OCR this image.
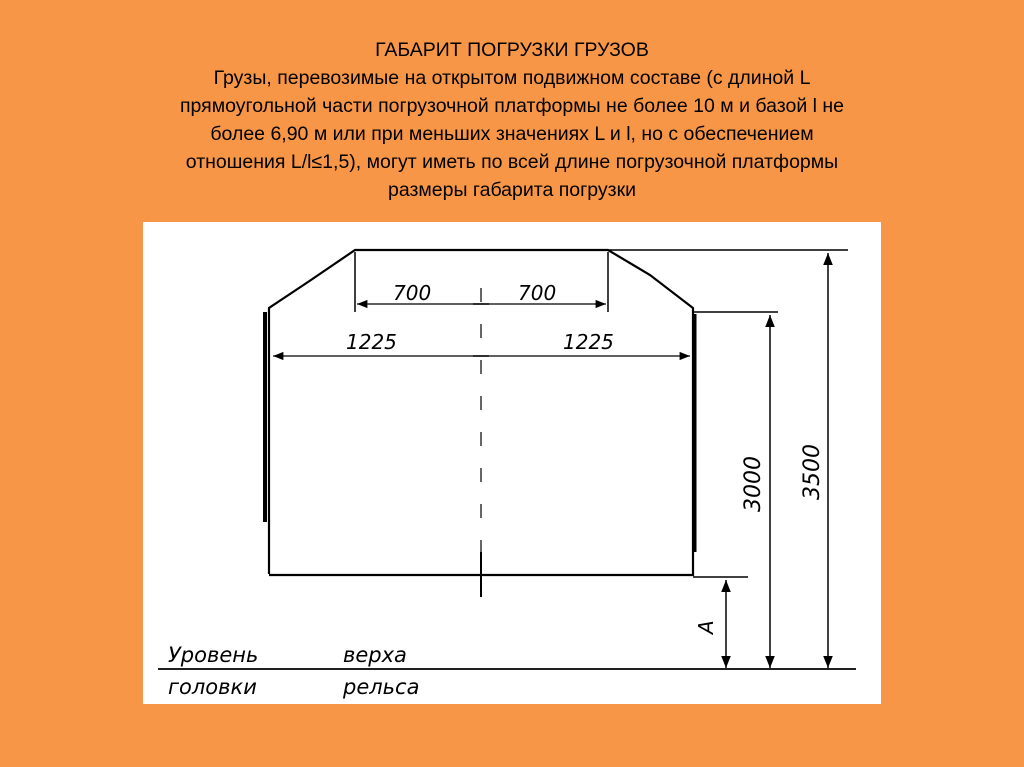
ГАБАРИТ ПОГРУЗКИ ГРУЗОВ
Грузы, перевозимые на открытом подвижном составе (с длиной L
прямоугольной части погрузочной платформы не более 10 м и базой l не
более 6,90 м или при меньших значениях L и l, но с обеспечением
отношения L/l≤1,5), могут иметь по всей длине погрузочной платформы
размеры габарита погрузки
700	700
1225	1225
3000 3500
A
Уровень	верха
головки	рельса
